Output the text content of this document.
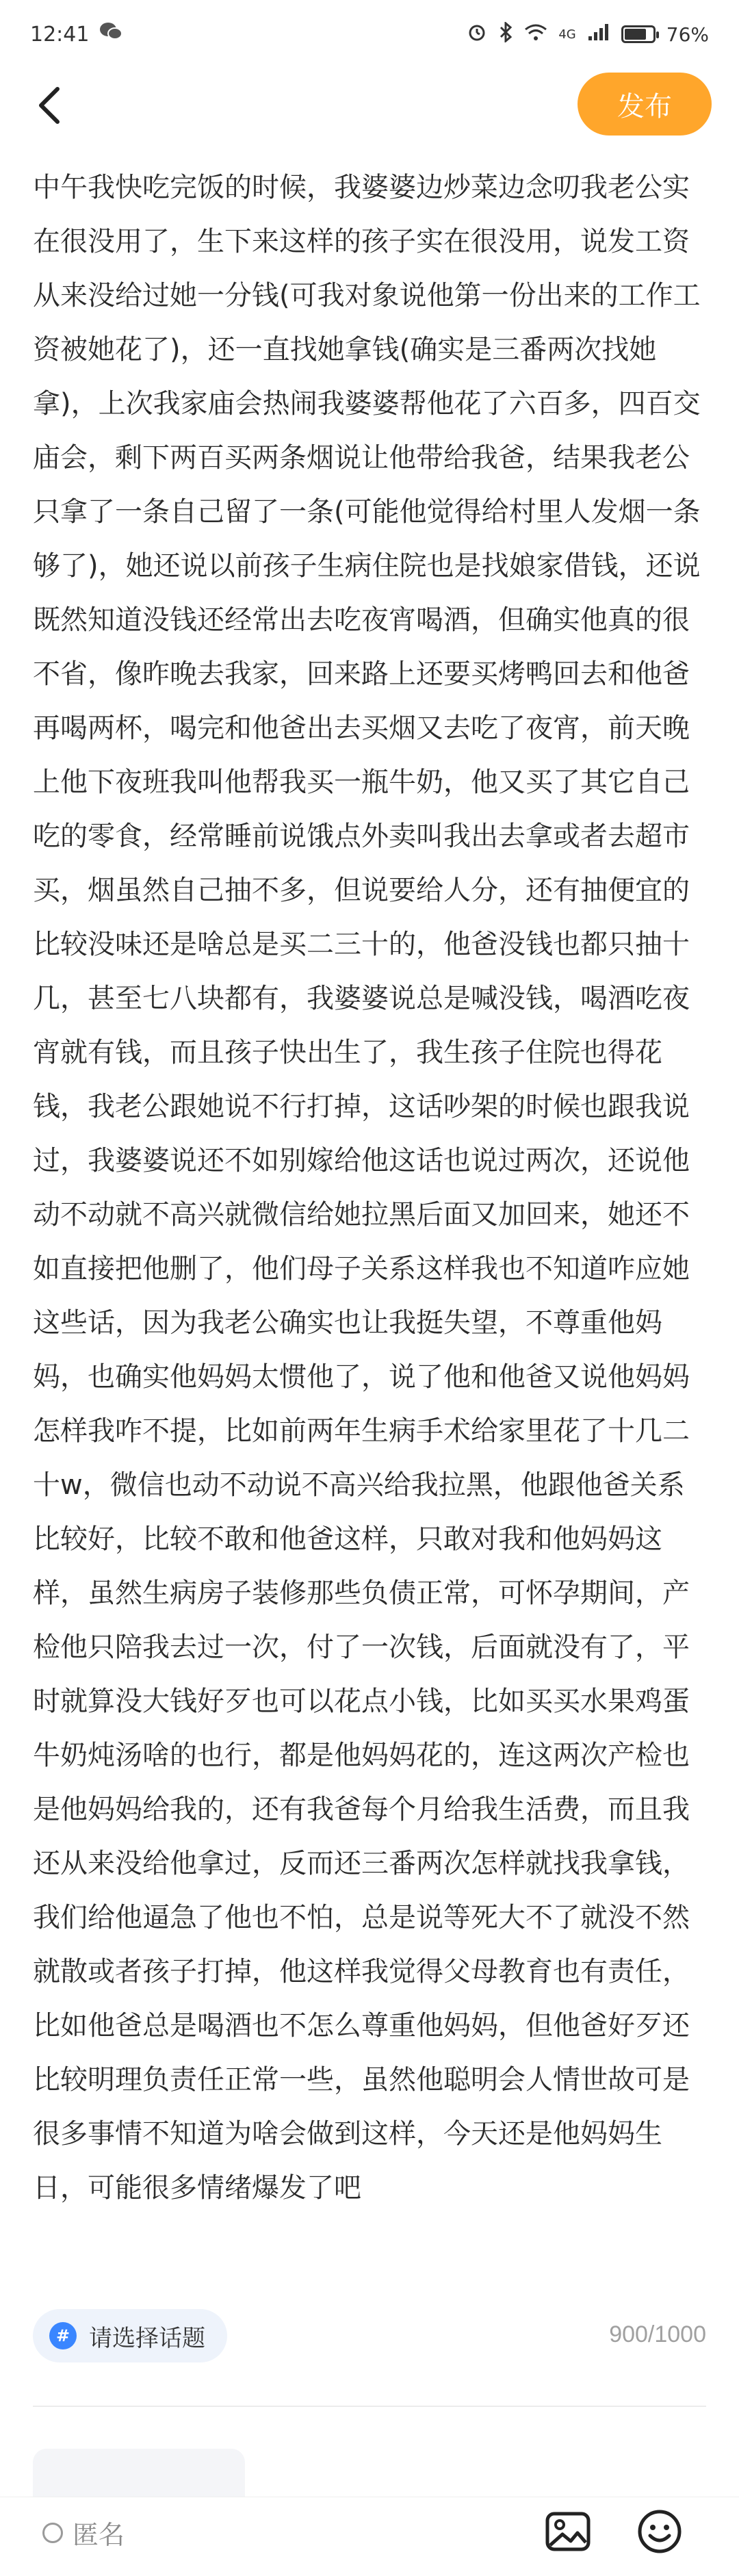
12:41	4G	76%
发布

中午我快吃完饭的时候，我婆婆边炒菜边念叨我老公实在很没用了，生下来这样的孩子实在很没用，说发工资从来没给过她一分钱(可我对象说他第一份出来的工作工资被她花了)，还一直找她拿钱(确实是三番两次找她拿)，上次我家庙会热闹我婆婆帮他花了六百多，四百交庙会，剩下两百买两条烟说让他带给我爸，结果我老公只拿了一条自己留了一条(可能他觉得给村里人发烟一条够了)，她还说以前孩子生病住院也是找娘家借钱，还说既然知道没钱还经常出去吃夜宵喝酒，但确实他真的很不省，像昨晚去我家，回来路上还要买烤鸭回去和他爸再喝两杯，喝完和他爸出去买烟又去吃了夜宵，前天晚上他下夜班我叫他帮我买一瓶牛奶，他又买了其它自己吃的零食，经常睡前说饿点外卖叫我出去拿或者去超市买，烟虽然自己抽不多，但说要给人分，还有抽便宜的比较没味还是啥总是买二三十的，他爸没钱也都只抽十几，甚至七八块都有，我婆婆说总是喊没钱，喝酒吃夜宵就有钱，而且孩子快出生了，我生孩子住院也得花钱，我老公跟她说不行打掉，这话吵架的时候也跟我说过，我婆婆说还不如别嫁给他这话也说过两次，还说他动不动就不高兴就微信给她拉黑后面又加回来，她还不如直接把他删了，他们母子关系这样我也不知道咋应她这些话，因为我老公确实也让我挺失望，不尊重他妈妈，也确实他妈妈太惯他了，说了他和他爸又说他妈妈怎样我咋不提，比如前两年生病手术给家里花了十几二十w，微信也动不动说不高兴给我拉黑，他跟他爸关系比较好，比较不敢和他爸这样，只敢对我和他妈妈这样，虽然生病房子装修那些负债正常，可怀孕期间，产检他只陪我去过一次，付了一次钱，后面就没有了，平时就算没大钱好歹也可以花点小钱，比如买买水果鸡蛋牛奶炖汤啥的也行，都是他妈妈花的，连这两次产检也是他妈妈给我的，还有我爸每个月给我生活费，而且我还从来没给他拿过，反而还三番两次怎样就找我拿钱，我们给他逼急了他也不怕，总是说等死大不了就没不然就散或者孩子打掉，他这样我觉得父母教育也有责任，比如他爸总是喝酒也不怎么尊重他妈妈，但他爸好歹还比较明理负责任正常一些，虽然他聪明会人情世故可是很多事情不知道为啥会做到这样，今天还是他妈妈生日，可能很多情绪爆发了吧

# 请选择话题	900/1000
匿名
